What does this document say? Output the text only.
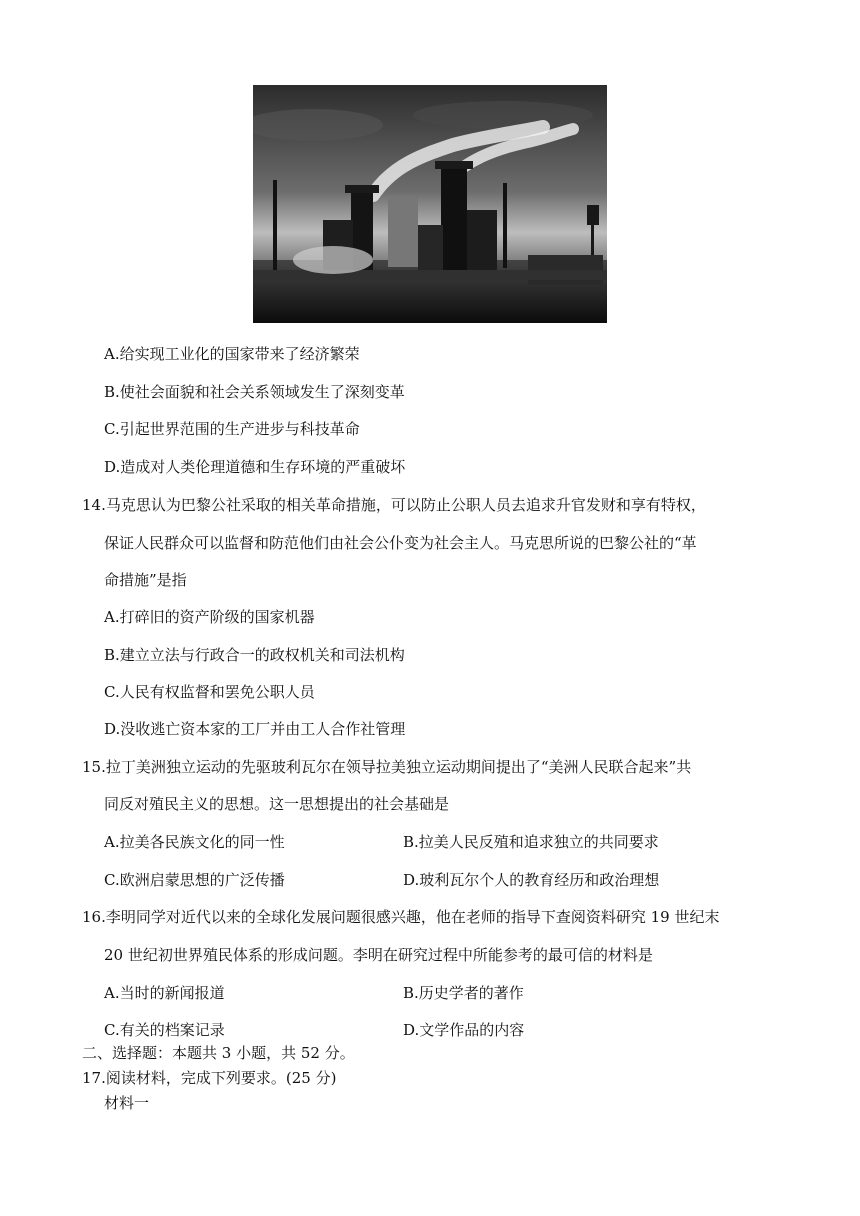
A.给实现工业化的国家带来了经济繁荣
B.使社会面貌和社会关系领域发生了深刻变革
C.引起世界范围的生产进步与科技革命
D.造成对人类伦理道德和生存环境的严重破坏
14.马克思认为巴黎公社采取的相关革命措施，可以防止公职人员去追求升官发财和享有特权，
保证人民群众可以监督和防范他们由社会公仆变为社会主人。马克思所说的巴黎公社的“革
命措施”是指
A.打碎旧的资产阶级的国家机器
B.建立立法与行政合一的政权机关和司法机构
C.人民有权监督和罢免公职人员
D.没收逃亡资本家的工厂并由工人合作社管理
15.拉丁美洲独立运动的先驱玻利瓦尔在领导拉美独立运动期间提出了“美洲人民联合起来”共
同反对殖民主义的思想。这一思想提出的社会基础是
A.拉美各民族文化的同一性	B.拉美人民反殖和追求独立的共同要求
C.欧洲启蒙思想的广泛传播	D.玻利瓦尔个人的教育经历和政治理想
16.李明同学对近代以来的全球化发展问题很感兴趣，他在老师的指导下查阅资料研究 19 世纪末
20 世纪初世界殖民体系的形成问题。李明在研究过程中所能参考的最可信的材料是
A.当时的新闻报道	B.历史学者的著作
C.有关的档案记录	D.文学作品的内容
二、选择题：本题共 3 小题，共 52 分。
17.阅读材料，完成下列要求。(25 分)
材料一
